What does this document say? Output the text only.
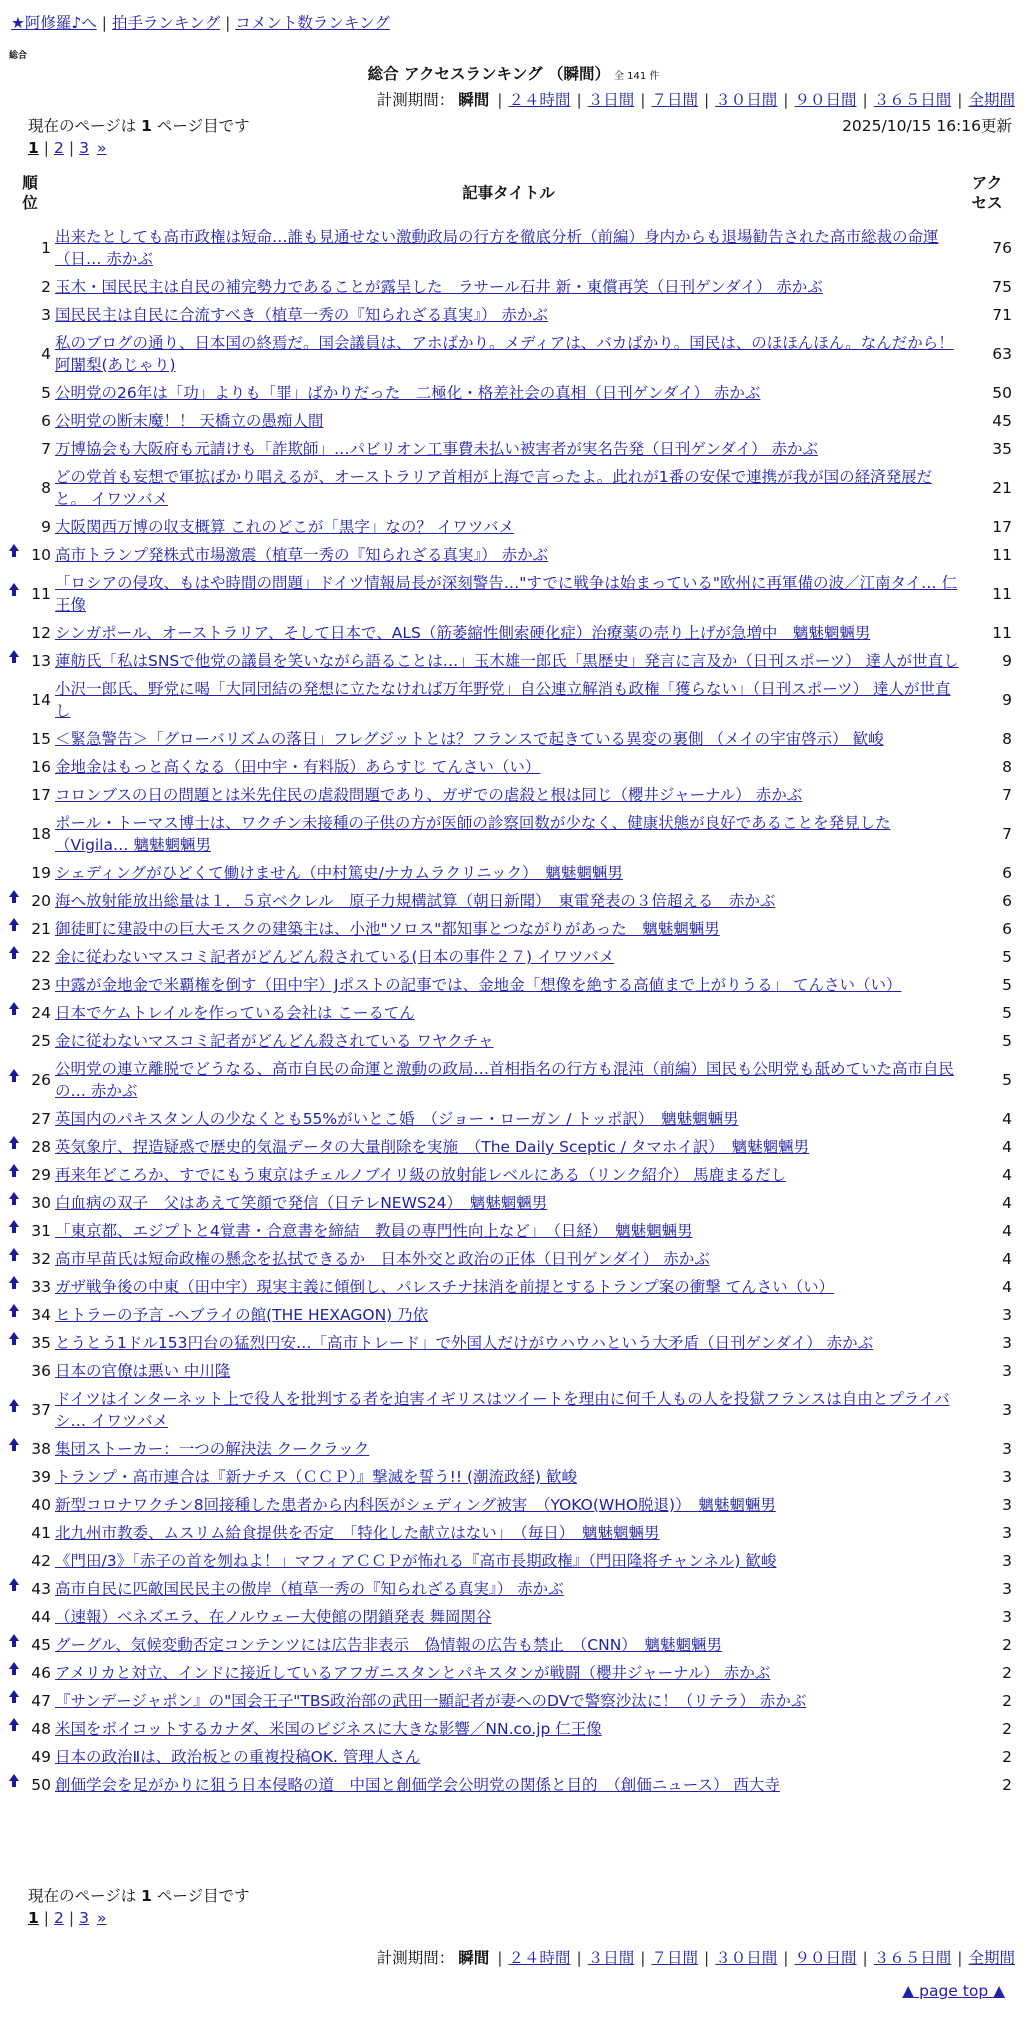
★阿修羅♪へ | 拍手ランキング | コメント数ランキング
総合
総合 アクセスランキング （瞬間） 全 141 件
計測期間： 瞬間 | ２４時間 | ３日間 | ７日間 | ３０日間 | ９０日間 | ３６５日間 | 全期間
現在のページは 1 ページ目です	2025/10/15 16:16更新
1 | 2 | 3 »
順
位	記事タイトル	アク
セス
1	出来たとしても高市政権は短命…誰も見通せない激動政局の行方を徹底分析（前編）身内からも退場勧告された高市総裁の命運（日… 赤かぶ	76
2	玉木・国民民主は自民の補完勢力であることが露呈した　ラサール石井 新・東償再笑（日刊ゲンダイ） 赤かぶ	75
3	国民民主は自民に合流すべき（植草一秀の『知られざる真実』） 赤かぶ	71
4	私のブログの通り、日本国の終焉だ。国会議員は、アホばかり。メディアは、バカばかり。国民は、のほほんほん。なんだから！ 阿闍梨(あじゃり)	63
5	公明党の26年は「功」よりも「罪」ばかりだった　二極化・格差社会の真相（日刊ゲンダイ） 赤かぶ	50
6	公明党の断末魔！！ 天橋立の愚痴人間	45
7	万博協会も大阪府も元請けも「詐欺師」…パビリオン工事費未払い被害者が実名告発（日刊ゲンダイ） 赤かぶ	35
8	どの党首も妄想で軍拡ばかり唱えるが、オーストラリア首相が上海で言ったよ。此れが1番の安保で連携が我が国の経済発展だと。 イワツバメ	21
9	大阪関西万博の収支概算 これのどこが「黒字」なの？ イワツバメ	17

10	高市トランプ発株式市場激震（植草一秀の『知られざる真実』） 赤かぶ	11

11	「ロシアの侵攻、もはや時間の問題」ドイツ情報局長が深刻警告…"すでに戦争は始まっている"欧州に再軍備の波／江南タイ… 仁王像	11
12	シンガポール、オーストラリア、そして日本で、ALS（筋萎縮性側索硬化症）治療薬の売り上げが急増中　魑魅魍魎男	11

13	蓮舫氏「私はSNSで他党の議員を笑いながら語ることは…」玉木雄一郎氏「黒歴史」発言に言及か（日刊スポーツ） 達人が世直し	9
14	小沢一郎氏、野党に喝「大同団結の発想に立たなければ万年野党」自公連立解消も政権「獲らない」（日刊スポーツ） 達人が世直し	9
15	＜緊急警告＞「グローバリズムの落日」フレグジットとは？フランスで起きている異変の裏側 （メイの宇宙啓示） 歓峻	8
16	金地金はもっと高くなる（田中宇・有料版）あらすじ てんさい（い）	8
17	コロンブスの日の問題とは米先住民の虐殺問題であり、ガザでの虐殺と根は同じ（櫻井ジャーナル） 赤かぶ	7
18	ポール・トーマス博士は、ワクチン未接種の子供の方が医師の診察回数が少なく、健康状態が良好であることを発見した（Vigila… 魑魅魍魎男	7
19	シェディングがひどくて働けません（中村篤史/ナカムラクリニック）　魑魅魍魎男	6

20	海へ放射能放出総量は１．５京ベクレル　原子力規構試算（朝日新聞）　東電発表の３倍超える　赤かぶ	6

21	御徒町に建設中の巨大モスクの建築主は、小池"ソロス"都知事とつながりがあった　魑魅魍魎男	6

22	金に従わないマスコミ記者がどんどん殺されている(日本の事件２７) イワツバメ	5
23	中露が金地金で米覇権を倒す（田中宇）Jポストの記事では、金地金「想像を絶する高値まで上がりうる」 てんさい（い）	5

24	日本でケムトレイルを作っている会社は こーるてん	5
25	金に従わないマスコミ記者がどんどん殺されている ワヤクチャ	5

26	公明党の連立離脱でどうなる、高市自民の命運と激動の政局…首相指名の行方も混沌（前編）国民も公明党も舐めていた高市自民の… 赤かぶ	5
27	英国内のパキスタン人の少なくとも55%がいとこ婚　（ジョー・ローガン / トッポ訳）　魑魅魍魎男	4

28	英気象庁、捏造疑惑で歴史的気温データの大量削除を実施　（The Daily Sceptic / タマホイ訳）　魑魅魍魎男	4

29	再来年どころか、すでにもう東京はチェルノブイリ級の放射能レベルにある（リンク紹介） 馬鹿まるだし	4

30	白血病の双子　父はあえて笑顔で発信（日テレNEWS24）　魑魅魍魎男	4

31	「東京都、エジプトと4覚書・合意書を締結　教員の専門性向上など」　（日経）　魑魅魍魎男	4

32	高市早苗氏は短命政権の懸念を払拭できるか　日本外交と政治の正体（日刊ゲンダイ） 赤かぶ	4

33	ガザ戦争後の中東（田中宇）現実主義に傾倒し、パレスチナ抹消を前提とするトランプ案の衝撃 てんさい（い）	4

34	ヒトラーの予言 -ヘブライの館(THE HEXAGON) 乃依	3

35	とうとう1ドル153円台の猛烈円安…「高市トレード」で外国人だけがウハウハという大矛盾（日刊ゲンダイ） 赤かぶ	3
36	日本の官僚は悪い 中川隆	3

37	ドイツはインターネット上で役人を批判する者を迫害イギリスはツイートを理由に何千人もの人を投獄フランスは自由とプライバシ… イワツバメ	3

38	集団ストーカー：一つの解決法 クークラック	3
39	トランプ・高市連合は『新ナチス（ＣＣＰ）』撃滅を誓う!! (潮流政経) 歓峻	3
40	新型コロナワクチン8回接種した患者から内科医がシェディング被害　（YOKO(WHO脱退)）　魑魅魍魎男	3
41	北九州市教委、ムスリム給食提供を否定　「特化した献立はない」　（毎日）　魑魅魍魎男	3
42	《門田/3》「赤子の首を刎ねよ！」マフィアＣＣＰが怖れる『高市長期政権』（門田隆将チャンネル) 歓峻	3

43	高市自民に匹敵国民民主の傲岸（植草一秀の『知られざる真実』） 赤かぶ	3
44	（速報）ベネズエラ、在ノルウェー大使館の閉鎖発表 舞岡関谷	3

45	グーグル、気候変動否定コンテンツには広告非表示　偽情報の広告も禁止　（CNN）　魑魅魍魎男	2

46	アメリカと対立、インドに接近しているアフガニスタンとパキスタンが戦闘（櫻井ジャーナル） 赤かぶ	2

47	『サンデージャポン』の"国会王子"TBS政治部の武田一顯記者が妻へのDVで警察沙汰に！（リテラ） 赤かぶ	2

48	米国をボイコットするカナダ、米国のビジネスに大きな影響／NN.co.jp 仁王像	2
49	日本の政治Ⅱは、政治板との重複投稿OK. 管理人さん	2

50	創価学会を足がかりに狙う日本侵略の道　中国と創価学会公明党の関係と目的　（創価ニュース） 西大寺	2
現在のページは 1 ページ目です
1 | 2 | 3 »
計測期間： 瞬間 | ２４時間 | ３日間 | ７日間 | ３０日間 | ９０日間 | ３６５日間 | 全期間
▲ page top ▲
